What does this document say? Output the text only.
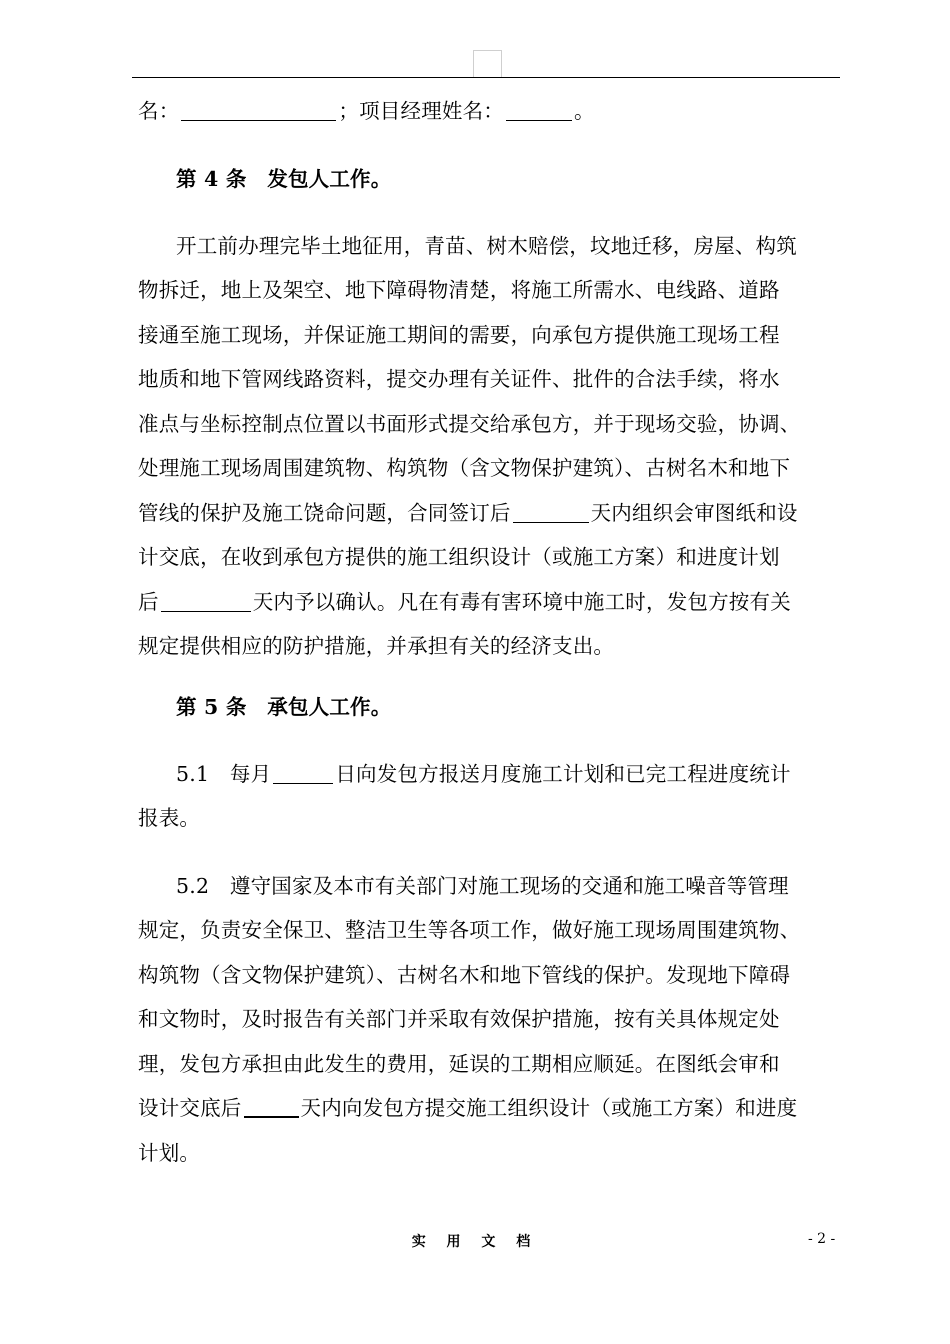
名：	；项目经理姓名：	。
第 4 条　发包人工作。
开工前办理完毕土地征用，青苗、树木赔偿，坟地迁移，房屋、构筑
物拆迁，地上及架空、地下障碍物清楚，将施工所需水、电线路、道路
接通至施工现场，并保证施工期间的需要，向承包方提供施工现场工程
地质和地下管网线路资料，提交办理有关证件、批件的合法手续，将水
准点与坐标控制点位置以书面形式提交给承包方，并于现场交验，协调、
处理施工现场周围建筑物、构筑物（含文物保护建筑）、古树名木和地下
管线的保护及施工饶命问题，合同签订后	天内组织会审图纸和设
计交底，在收到承包方提供的施工组织设计（或施工方案）和进度计划
后	天内予以确认。凡在有毒有害环境中施工时，发包方按有关
规定提供相应的防护措施，并承担有关的经济支出。
第 5 条　承包人工作。
5.1　每月	日向发包方报送月度施工计划和已完工程进度统计
报表。
5.2　遵守国家及本市有关部门对施工现场的交通和施工噪音等管理
规定，负责安全保卫、整洁卫生等各项工作，做好施工现场周围建筑物、
构筑物（含文物保护建筑）、古树名木和地下管线的保护。发现地下障碍
和文物时，及时报告有关部门并采取有效保护措施，按有关具体规定处
理，发包方承担由此发生的费用，延误的工期相应顺延。在图纸会审和
设计交底后	天内向发包方提交施工组织设计（或施工方案）和进度
计划。
实 用 文 档	- 2 -
